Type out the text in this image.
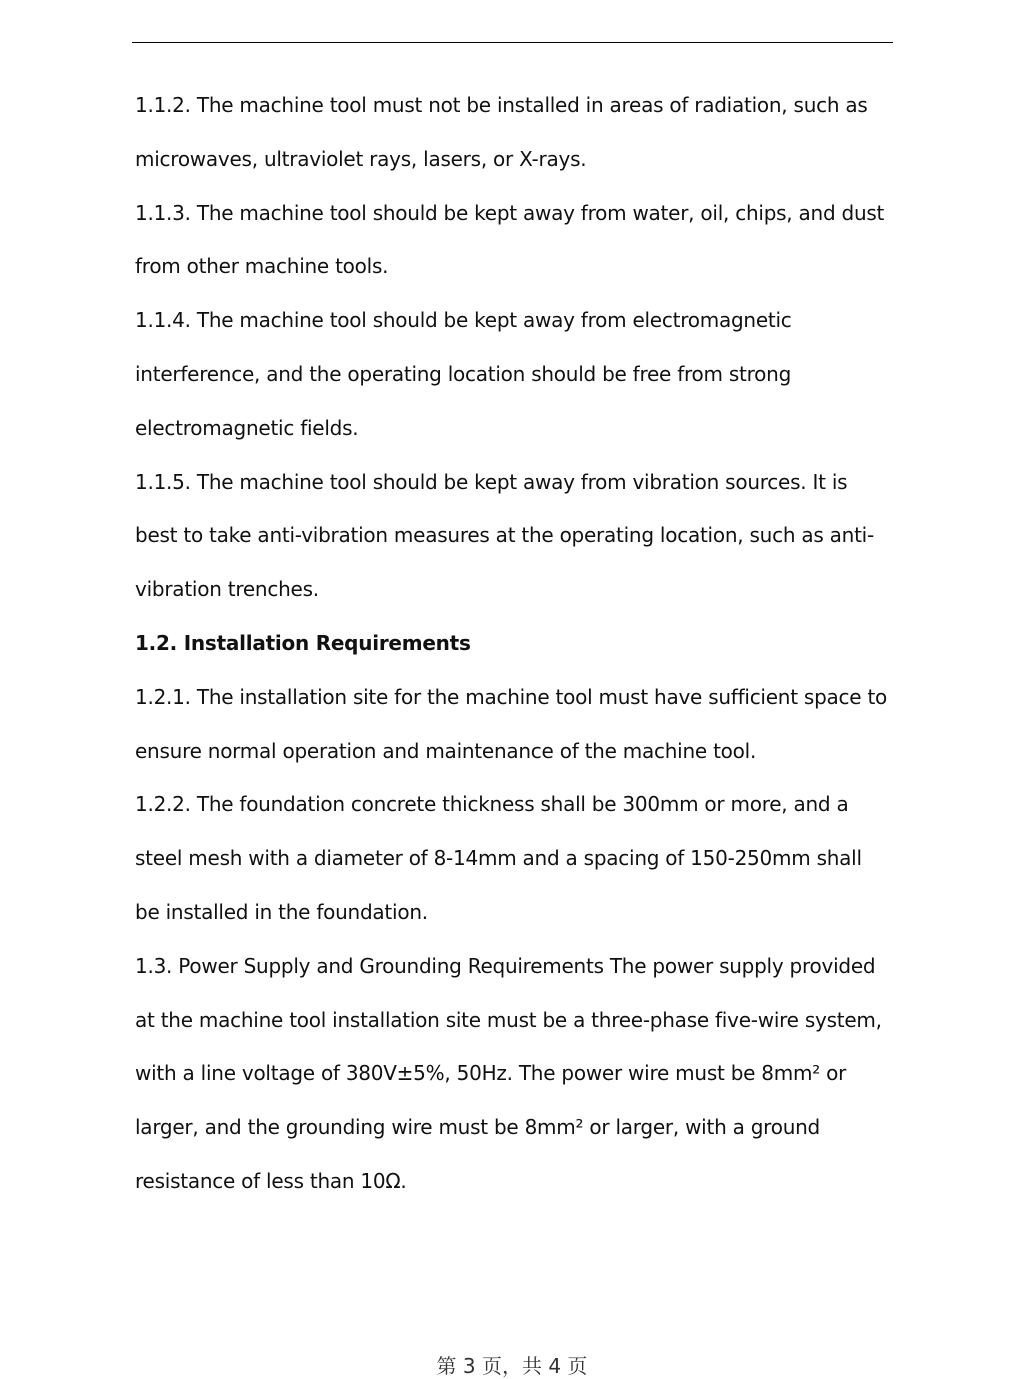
1.1.2. The machine tool must not be installed in areas of radiation, such as
microwaves, ultraviolet rays, lasers, or X-rays.
1.1.3. The machine tool should be kept away from water, oil, chips, and dust
from other machine tools.
1.1.4. The machine tool should be kept away from electromagnetic
interference, and the operating location should be free from strong
electromagnetic fields.
1.1.5. The machine tool should be kept away from vibration sources. It is
best to take anti-vibration measures at the operating location, such as anti-
vibration trenches.
1.2. Installation Requirements
1.2.1. The installation site for the machine tool must have sufficient space to
ensure normal operation and maintenance of the machine tool.
1.2.2. The foundation concrete thickness shall be 300mm or more, and a
steel mesh with a diameter of 8-14mm and a spacing of 150-250mm shall
be installed in the foundation.
1.3. Power Supply and Grounding Requirements The power supply provided
at the machine tool installation site must be a three-phase five-wire system,
with a line voltage of 380V±5%, 50Hz. The power wire must be 8mm² or
larger, and the grounding wire must be 8mm² or larger, with a ground
resistance of less than 10Ω.
第 3 页，共 4 页
